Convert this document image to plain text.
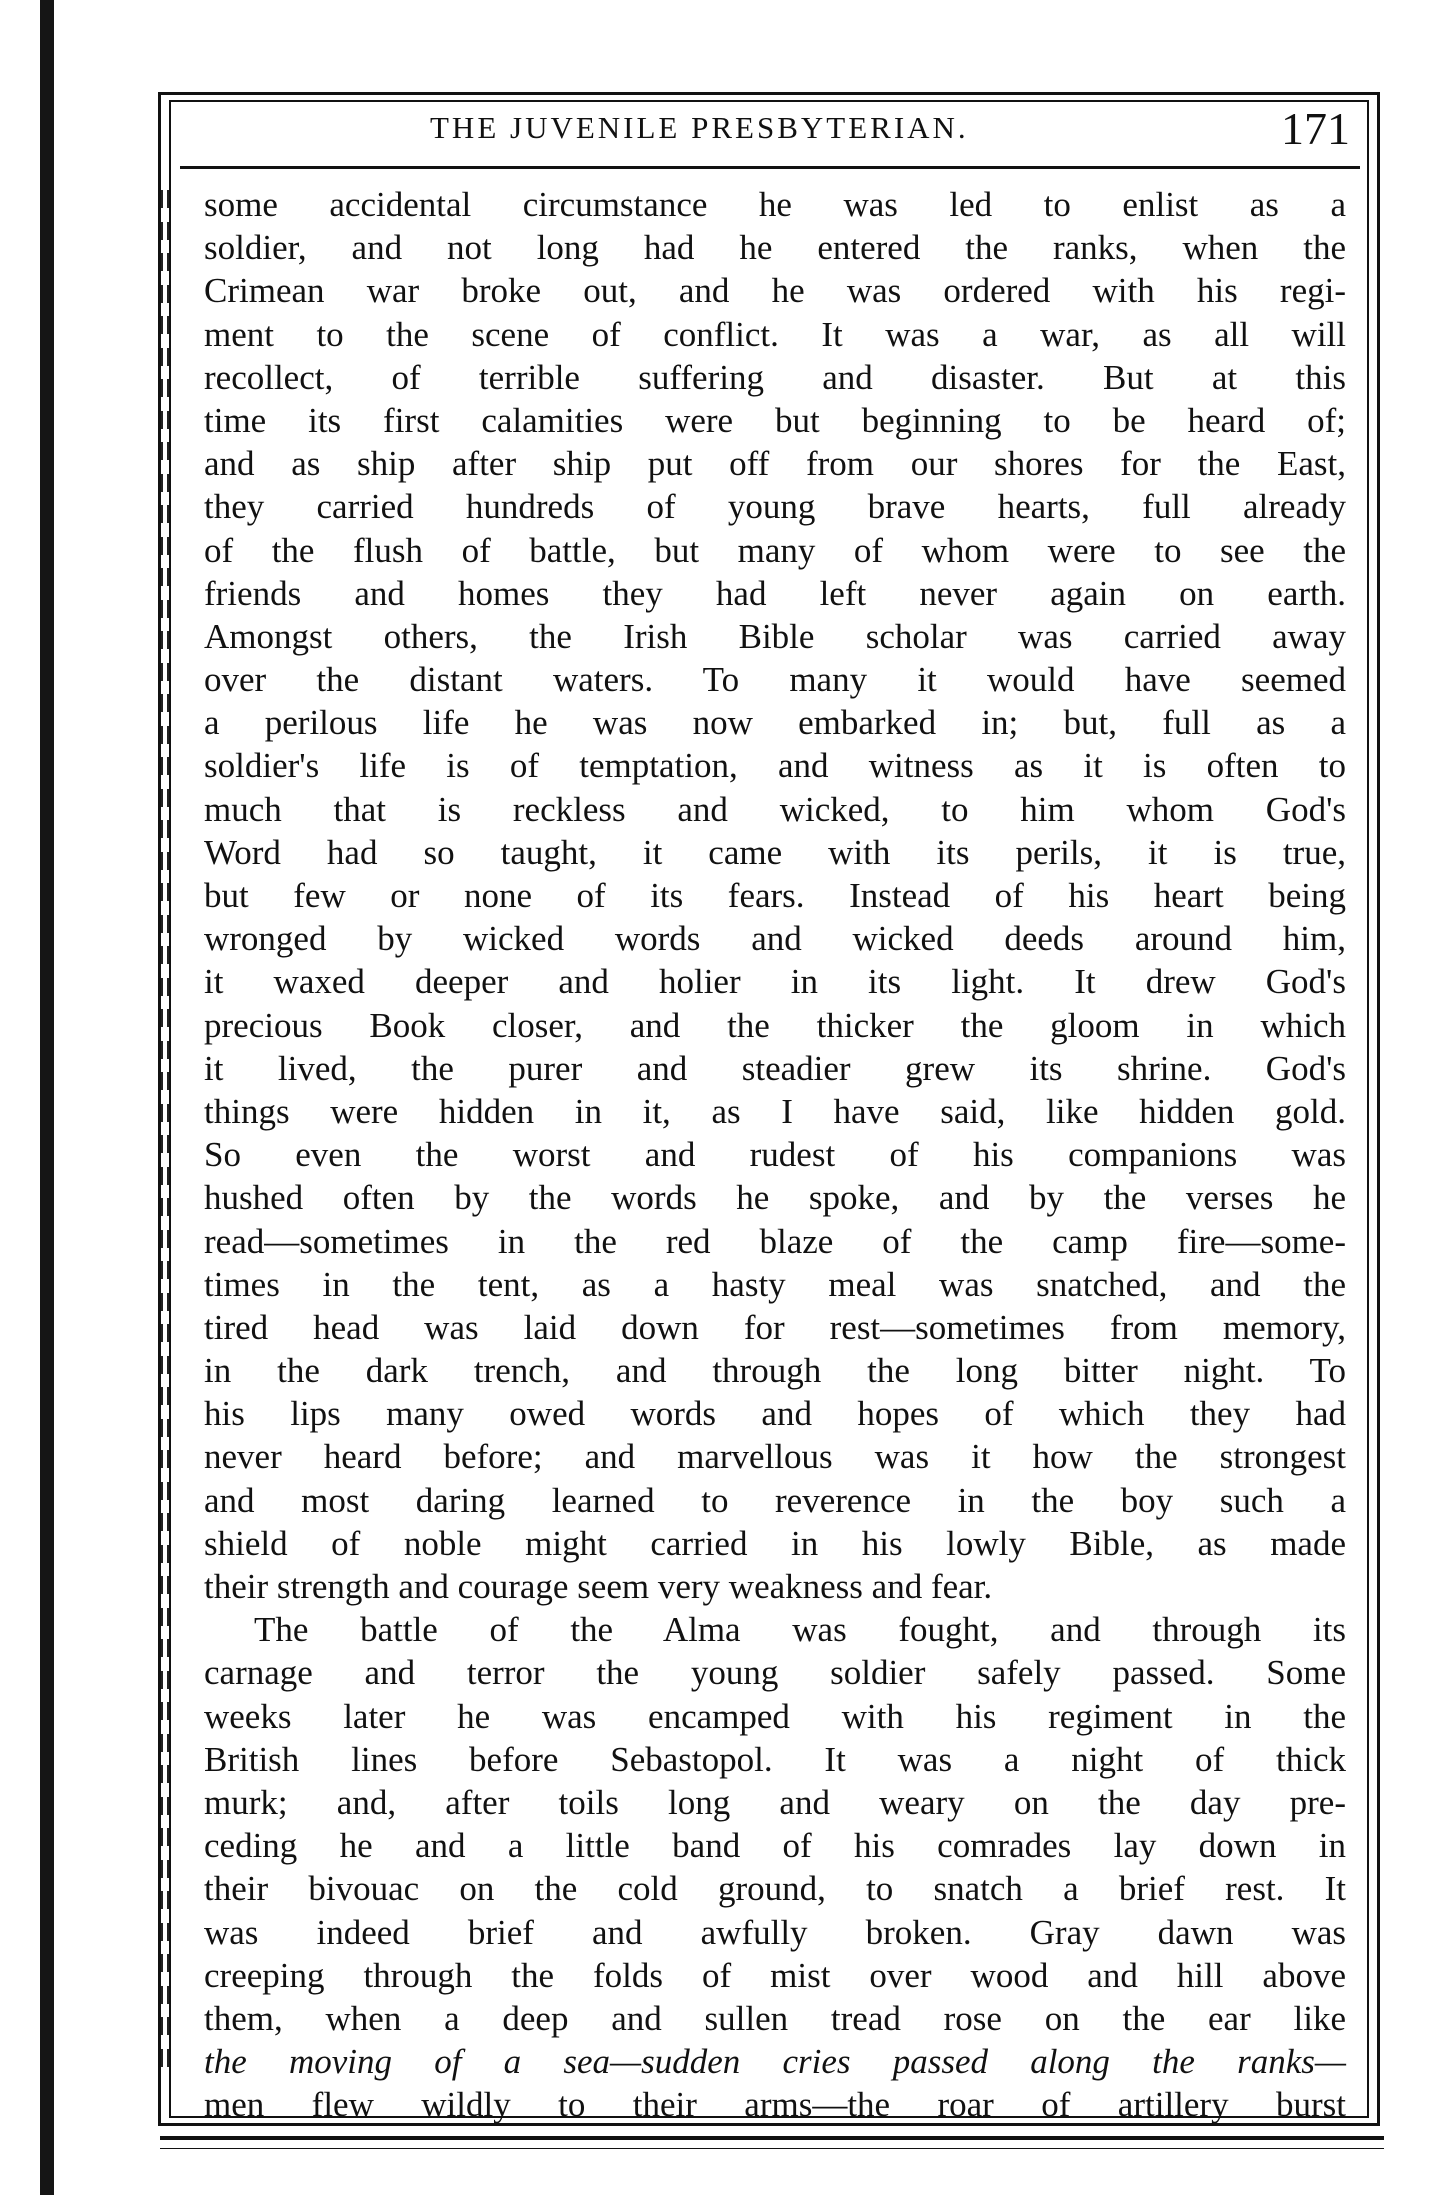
THE JUVENILE PRESBYTERIAN.	171
some accidental circumstance he was led to enlist as a
soldier, and not long had he entered the ranks, when the
Crimean war broke out, and he was ordered with his regi-
ment to the scene of conflict. It was a war, as all will
recollect, of terrible suffering and disaster. But at this
time its first calamities were but beginning to be heard of;
and as ship after ship put off from our shores for the East,
they carried hundreds of young brave hearts, full already
of the flush of battle, but many of whom were to see the
friends and homes they had left never again on earth.
Amongst others, the Irish Bible scholar was carried away
over the distant waters. To many it would have seemed
a perilous life he was now embarked in; but, full as a
soldier's life is of temptation, and witness as it is often to
much that is reckless and wicked, to him whom God's
Word had so taught, it came with its perils, it is true,
but few or none of its fears. Instead of his heart being
wronged by wicked words and wicked deeds around him,
it waxed deeper and holier in its light. It drew God's
precious Book closer, and the thicker the gloom in which
it lived, the purer and steadier grew its shrine. God's
things were hidden in it, as I have said, like hidden gold.
So even the worst and rudest of his companions was
hushed often by the words he spoke, and by the verses he
read—sometimes in the red blaze of the camp fire—some-
times in the tent, as a hasty meal was snatched, and the
tired head was laid down for rest—sometimes from memory,
in the dark trench, and through the long bitter night. To
his lips many owed words and hopes of which they had
never heard before; and marvellous was it how the strongest
and most daring learned to reverence in the boy such a
shield of noble might carried in his lowly Bible, as made
their strength and courage seem very weakness and fear.
The battle of the Alma was fought, and through its
carnage and terror the young soldier safely passed. Some
weeks later he was encamped with his regiment in the
British lines before Sebastopol. It was a night of thick
murk; and, after toils long and weary on the day pre-
ceding he and a little band of his comrades lay down in
their bivouac on the cold ground, to snatch a brief rest. It
was indeed brief and awfully broken. Gray dawn was
creeping through the folds of mist over wood and hill above
them, when a deep and sullen tread rose on the ear like
the moving of a sea—sudden cries passed along the ranks—
men flew wildly to their arms—the roar of artillery burst
